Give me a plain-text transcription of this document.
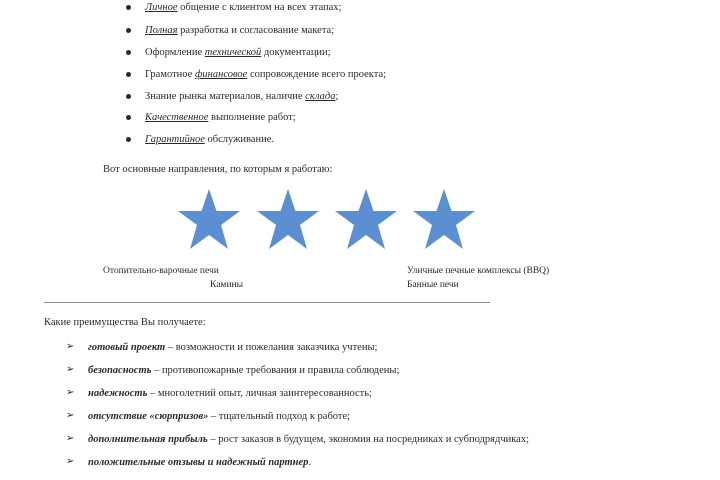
Личное общение с клиентом на всех этапах;
Полная разработка и согласование макета;
Оформление технической документации;
Грамотное финансовое сопровождение всего проекта;
Знание рынка материалов, наличие склада;
Качественное выполнение работ;
Гарантийное обслуживание.
Вот основные направления, по которым я работаю:
Отопительно-варочные печи
Камины
Уличные печные комплексы (BBQ)
Банные печи
Какие преимущества Вы получаете:
➢ готовый проект – возможности и пожелания заказчика учтены;
➢ безопасность – противопожарные требования и правила соблюдены;
➢ надежность – многолетний опыт, личная заинтересованность;
➢ отсутствие «сюрпризов» – тщательный подход к работе;
➢ дополнительная прибыль – рост заказов в будущем, экономия на посредниках и субподрядчиках;
➢ положительные отзывы и надежный партнер.
